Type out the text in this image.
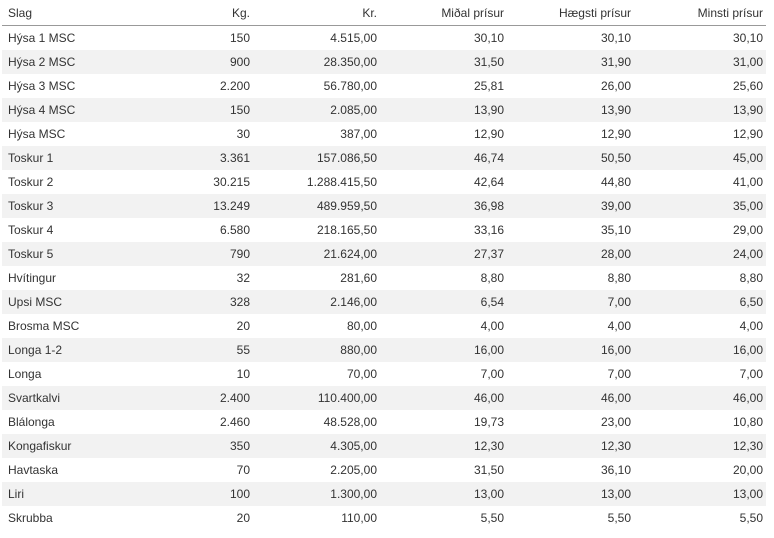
Slag	Kg.	Kr.	Miðal prísur	Hægsti prísur	Minsti prísur
Hýsa 1 MSC	150	4.515,00	30,10	30,10	30,10
Hýsa 2 MSC	900	28.350,00	31,50	31,90	31,00
Hýsa 3 MSC	2.200	56.780,00	25,81	26,00	25,60
Hýsa 4 MSC	150	2.085,00	13,90	13,90	13,90
Hýsa MSC	30	387,00	12,90	12,90	12,90
Toskur 1	3.361	157.086,50	46,74	50,50	45,00
Toskur 2	30.215	1.288.415,50	42,64	44,80	41,00
Toskur 3	13.249	489.959,50	36,98	39,00	35,00
Toskur 4	6.580	218.165,50	33,16	35,10	29,00
Toskur 5	790	21.624,00	27,37	28,00	24,00
Hvítingur	32	281,60	8,80	8,80	8,80
Upsi MSC	328	2.146,00	6,54	7,00	6,50
Brosma MSC	20	80,00	4,00	4,00	4,00
Longa 1-2	55	880,00	16,00	16,00	16,00
Longa	10	70,00	7,00	7,00	7,00
Svartkalvi	2.400	110.400,00	46,00	46,00	46,00
Blálonga	2.460	48.528,00	19,73	23,00	10,80
Kongafiskur	350	4.305,00	12,30	12,30	12,30
Havtaska	70	2.205,00	31,50	36,10	20,00
Liri	100	1.300,00	13,00	13,00	13,00
Skrubba	20	110,00	5,50	5,50	5,50
